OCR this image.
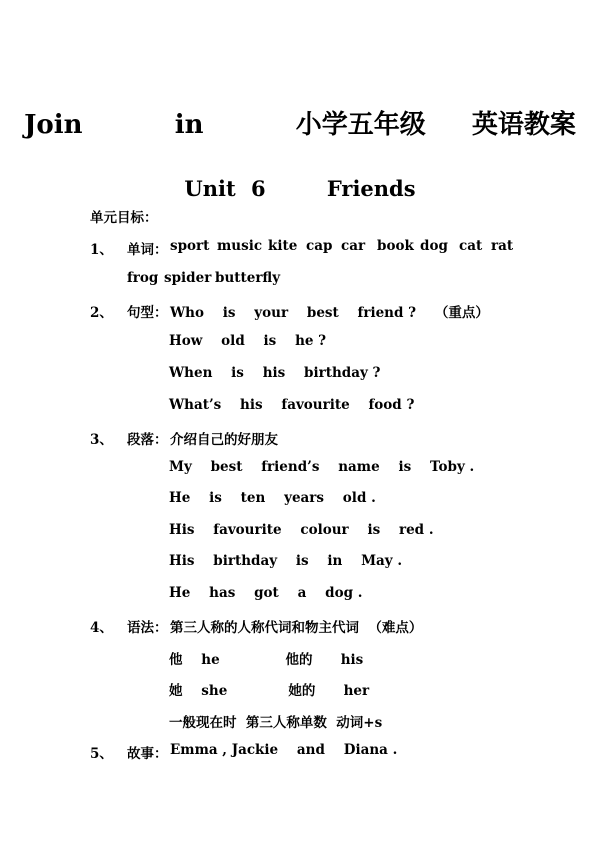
Join    in    小学五年级  英语教案
Unit 6    Friends
单元目标：
1、 单词： sport music kite cap car book dog cat rat
frog spider butterfly
2、 句型： Who    is    your    best    friend ?    （重点）
How    old    is    he ?
When    is    his    birthday ?
What’s    his    favourite    food ?
3、 段落： 介绍自己的好朋友
My    best    friend’s    name    is    Toby .
He    is    ten    years    old .
His    favourite    colour    is    red .
His    birthday    is    in    May .
He    has    got    a    dog .
4、 语法： 第三人称的人称代词和物主代词  （难点）
他    he              他的      his
她    she             她的      her
一般现在时  第三人称单数  动词+s
5、 故事： Emma , Jackie    and    Diana .
